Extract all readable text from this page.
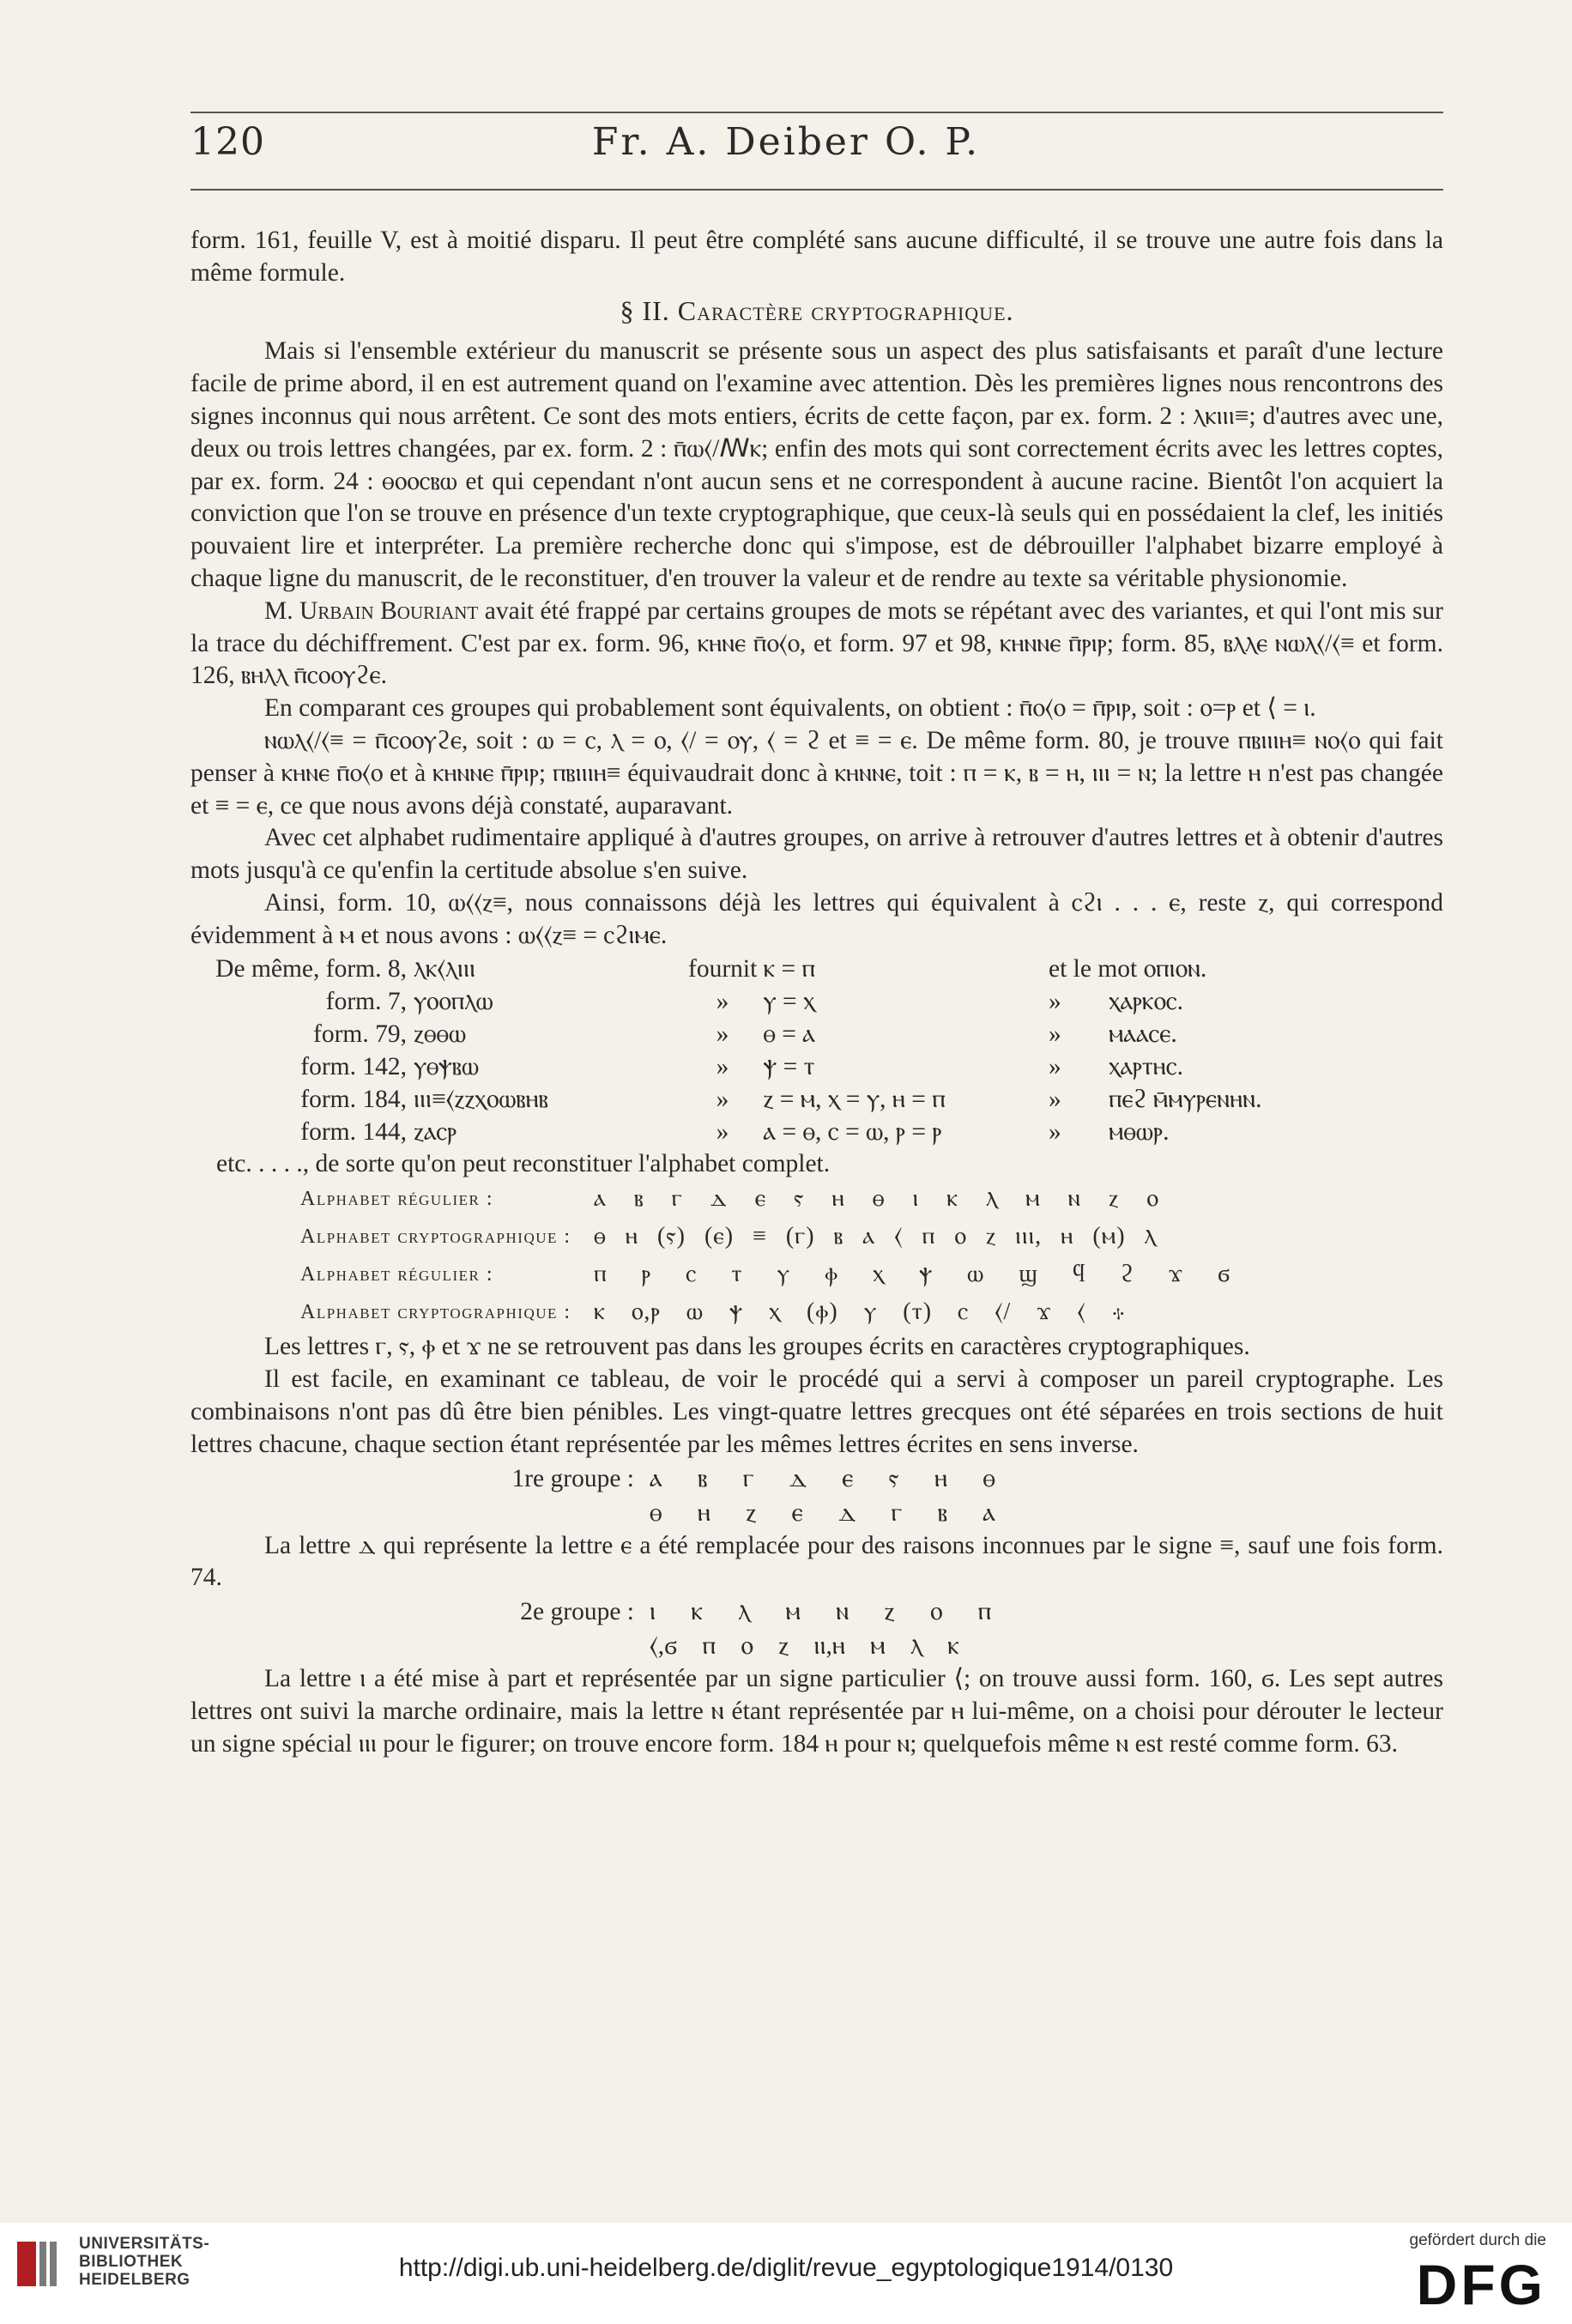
120	Fr. A. Deiber O. P.

form. 161, feuille V, est à moitié disparu. Il peut être complété sans aucune difficulté, il se trouve une autre fois dans la même formule.

§ II. Caractère cryptographique.

Mais si l'ensemble extérieur du manuscrit se présente sous un aspect des plus satisfaisants et paraît d'une lecture facile de prime abord, il en est autrement quand on l'examine avec attention. Dès les premières lignes nous rencontrons des signes inconnus qui nous arrêtent. Ce sont des mots entiers, écrits de cette façon, par ex. form. 2 : ⲗⲕⲓⲓⲓ≡; d'autres avec une, deux ou trois lettres changées, par ex. form. 2 : ⲡ̄ⲱ⟨/ꟿⲕ; enfin des mots qui sont correctement écrits avec les lettres coptes, par ex. form. 24 : ⲑⲟⲟⲥⲃⲱ et qui cependant n'ont aucun sens et ne correspondent à aucune racine. Bientôt l'on acquiert la conviction que l'on se trouve en présence d'un texte cryptographique, que ceux-là seuls qui en possédaient la clef, les initiés pouvaient lire et interpréter. La première recherche donc qui s'impose, est de débrouiller l'alphabet bizarre employé à chaque ligne du manuscrit, de le reconstituer, d'en trouver la valeur et de rendre au texte sa véritable physionomie.

M. Urbain Bouriant avait été frappé par certains groupes de mots se répétant avec des variantes, et qui l'ont mis sur la trace du déchiffrement. C'est par ex. form. 96, ⲕⲏⲛⲉ ⲡ̄ⲟ⟨ⲟ, et form. 97 et 98, ⲕⲏⲛⲛⲉ ⲡ̄ⲣⲓⲣ; form. 85, ⲃⲗⲗⲉ ⲛⲱⲗ⟨/⟨≡ et form. 126, ⲃⲏⲗⲗ ⲡ̄ⲥⲟⲟⲩϩⲉ.

En comparant ces groupes qui probablement sont équivalents, on obtient : ⲡ̄ⲟ⟨ⲟ = ⲡ̄ⲣⲓⲣ, soit : ⲟ=ⲣ et ⟨ = ⲓ.

ⲛⲱⲗ⟨/⟨≡ = ⲡ̄ⲥⲟⲟⲩϩⲉ, soit : ⲱ = ⲥ, ⲗ = ⲟ, ⟨/ = ⲟⲩ, ⟨ = ϩ et ≡ = ⲉ. De même form. 80, je trouve ⲡⲃⲓⲓⲓⲏ≡ ⲛⲟ⟨ⲟ qui fait penser à ⲕⲏⲛⲉ ⲡ̄ⲟ⟨ⲟ et à ⲕⲏⲛⲛⲉ ⲡ̄ⲣⲓⲣ; ⲡⲃⲓⲓⲓⲏ≡ équivaudrait donc à ⲕⲏⲛⲛⲉ, toit : ⲡ = ⲕ, ⲃ = ⲏ, ⲓⲓⲓ = ⲛ; la lettre ⲏ n'est pas changée et ≡ = ⲉ, ce que nous avons déjà constaté, auparavant.

Avec cet alphabet rudimentaire appliqué à d'autres groupes, on arrive à retrouver d'autres lettres et à obtenir d'autres mots jusqu'à ce qu'enfin la certitude absolue s'en suive.

Ainsi, form. 10, ⲱ⟨⟨ⲍ≡, nous connaissons déjà les lettres qui équivalent à ⲥϩⲓ . . . ⲉ, reste ⲍ, qui correspond évidemment à ⲙ et nous avons : ⲱ⟨⟨ⲍ≡ = ⲥϩⲓⲙⲉ.

De même, form. 8, ⲗⲕ⟨ⲗⲓⲓⲓ	fournit ⲕ = ⲡ	et le mot ⲟⲡⲓⲟⲛ.
form. 7, ⲩⲟⲟⲡⲗⲱ	» ⲩ = ⲭ	» ⲭⲁⲣⲕⲟⲥ.
form. 79, ⲍⲑⲑⲱ	» ⲑ = ⲁ	» ⲙⲁⲁⲥⲉ.
form. 142, ⲩⲑⲯⲃⲱ	» ⲯ = ⲧ	» ⲭⲁⲣⲧⲏⲥ.
form. 184, ⲓⲓⲓ≡⟨ⲍⲍⲭⲟⲱⲃⲏⲃ	» ⲍ = ⲙ, ⲭ = ⲩ, ⲏ = ⲡ	» ⲡⲉϩ ⲙ̄ⲙⲩⲣⲉⲛⲏⲛ.
form. 144, ⲍⲁⲥⲣ	» ⲁ = ⲑ, ⲥ = ⲱ, ⲣ = ⲣ	» ⲙⲑⲱⲣ.

etc. . . . ., de sorte qu'on peut reconstituer l'alphabet complet.

Alphabet régulier :	ⲁ ⲃ ⲅ ⲇ ⲉ ⲋ ⲏ ⲑ ⲓ ⲕ ⲗ ⲙ ⲛ ⲍ ⲟ
Alphabet cryptographique : ⲑ ⲏ (ⲋ) (ⲉ) ≡ (ⲅ) ⲃ ⲁ ⟨ ⲡ ⲟ ⲍ ⲓⲓⲓ, ⲏ (ⲙ) ⲗ
Alphabet régulier :	ⲡ ⲣ ⲥ ⲧ ⲩ ⲫ ⲭ ⲯ ⲱ ϣ ϥ ϩ ϫ ϭ
Alphabet cryptographique : ⲕ ⲟ,ⲣ ⲱ ⲯ ⲭ (ⲫ) ⲩ (ⲧ) ⲥ ⟨/ ϫ ⟨ ⳾

Les lettres ⲅ, ⲋ, ⲫ et ϫ ne se retrouvent pas dans les groupes écrits en caractères cryptographiques.

Il est facile, en examinant ce tableau, de voir le procédé qui a servi à composer un pareil cryptographe. Les combinaisons n'ont pas dû être bien pénibles. Les vingt-quatre lettres grecques ont été séparées en trois sections de huit lettres chacune, chaque section étant représentée par les mêmes lettres écrites en sens inverse.

1re groupe : ⲁ ⲃ ⲅ ⲇ ⲉ ⲋ ⲏ ⲑ
ⲑ ⲏ ⲍ ⲉ ⲇ ⲅ ⲃ ⲁ

La lettre ⲇ qui représente la lettre ⲉ a été remplacée pour des raisons inconnues par le signe ≡, sauf une fois form. 74.

2e groupe : ⲓ ⲕ ⲗ ⲙ ⲛ ⲍ ⲟ ⲡ
⟨,ϭ ⲡ ⲟ ⲍ ⲓⲓ,ⲏ ⲙ ⲗ ⲕ

La lettre ⲓ a été mise à part et représentée par un signe particulier ⟨; on trouve aussi form. 160, ϭ. Les sept autres lettres ont suivi la marche ordinaire, mais la lettre ⲛ étant représentée par ⲏ lui-même, on a choisi pour dérouter le lecteur un signe spécial ⲓⲓⲓ pour le figurer; on trouve encore form. 184 ⲏ pour ⲛ; quelquefois même ⲛ est resté comme form. 63.

UNIVERSITÄTS-
BIBLIOTHEK
HEIDELBERG	http://digi.ub.uni-heidelberg.de/diglit/revue_egyptologique1914/0130
gefördert durch die
DFG
